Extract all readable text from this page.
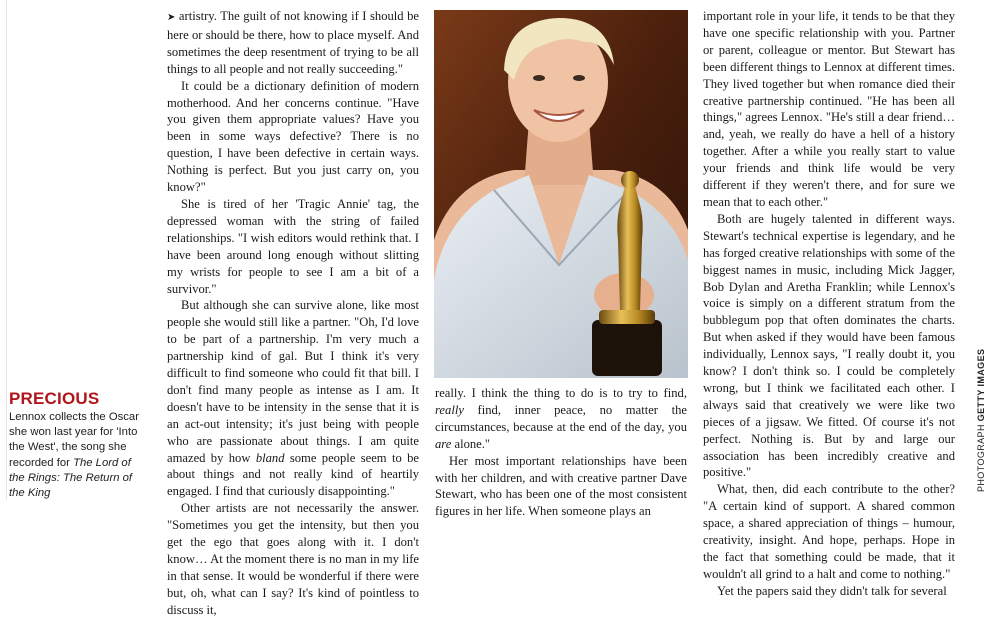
PRECIOUS

Lennox collects the Oscar she won last year for 'Into the West', the song she recorded for The Lord of the Rings: The Return of the King

➤ artistry. The guilt of not knowing if I should be here or should be there, how to place myself. And sometimes the deep resentment of trying to be all things to all people and not really succeeding."

It could be a dictionary definition of modern motherhood. And her concerns continue. "Have you given them appropriate values? Have you been in some ways defective? There is no question, I have been defective in certain ways. Nothing is perfect. But you just carry on, you know?"

She is tired of her 'Tragic Annie' tag, the depressed woman with the string of failed relationships. "I wish editors would rethink that. I have been around long enough without slitting my wrists for people to see I am a bit of a survivor."

But although she can survive alone, like most people she would still like a partner. "Oh, I'd love to be part of a partnership. I'm very much a partnership kind of gal. But I think it's very difficult to find someone who could fit that bill. I don't find many people as intense as I am. It doesn't have to be intensity in the sense that it is an act-out intensity; it's just being with people who are passionate about things. I am quite amazed by how bland some people seem to be about things and not really kind of heartily engaged. I find that curiously disappointing."

Other artists are not necessarily the answer. "Sometimes you get the intensity, but then you get the ego that goes along with it. I don't know… At the moment there is no man in my life in that sense. It would be wonderful if there were but, oh, what can I say? It's kind of pointless to discuss it,

really. I think the thing to do is to try to find, really find, inner peace, no matter the circumstances, because at the end of the day, you are alone."

Her most important relationships have been with her children, and with creative partner Dave Stewart, who has been one of the most consistent figures in her life. When someone plays an

important role in your life, it tends to be that they have one specific relationship with you. Partner or parent, colleague or mentor. But Stewart has been different things to Lennox at different times. They lived together but when romance died their creative partnership continued. "He has been all things," agrees Lennox. "He's still a dear friend… and, yeah, we really do have a hell of a history together. After a while you really start to value your friends and think life would be very different if they weren't there, and for sure we mean that to each other."

Both are hugely talented in different ways. Stewart's technical expertise is legendary, and he has forged creative relationships with some of the biggest names in music, including Mick Jagger, Bob Dylan and Aretha Franklin; while Lennox's voice is simply on a different stratum from the bubblegum pop that often dominates the charts. But when asked if they would have been famous individually, Lennox says, "I really doubt it, you know? I don't think so. I could be completely wrong, but I think we facilitated each other. I always said that creatively we were like two pieces of a jigsaw. We fitted. Of course it's not perfect. Nothing is. But by and large our association has been incredibly creative and positive."

What, then, did each contribute to the other? "A certain kind of support. A shared common space, a shared appreciation of things – humour, creativity, insight. And hope, perhaps. Hope in the fact that something could be made, that it wouldn't all grind to a halt and come to nothing."

Yet the papers said they didn't talk for several

PHOTOGRAPH GETTY IMAGES
